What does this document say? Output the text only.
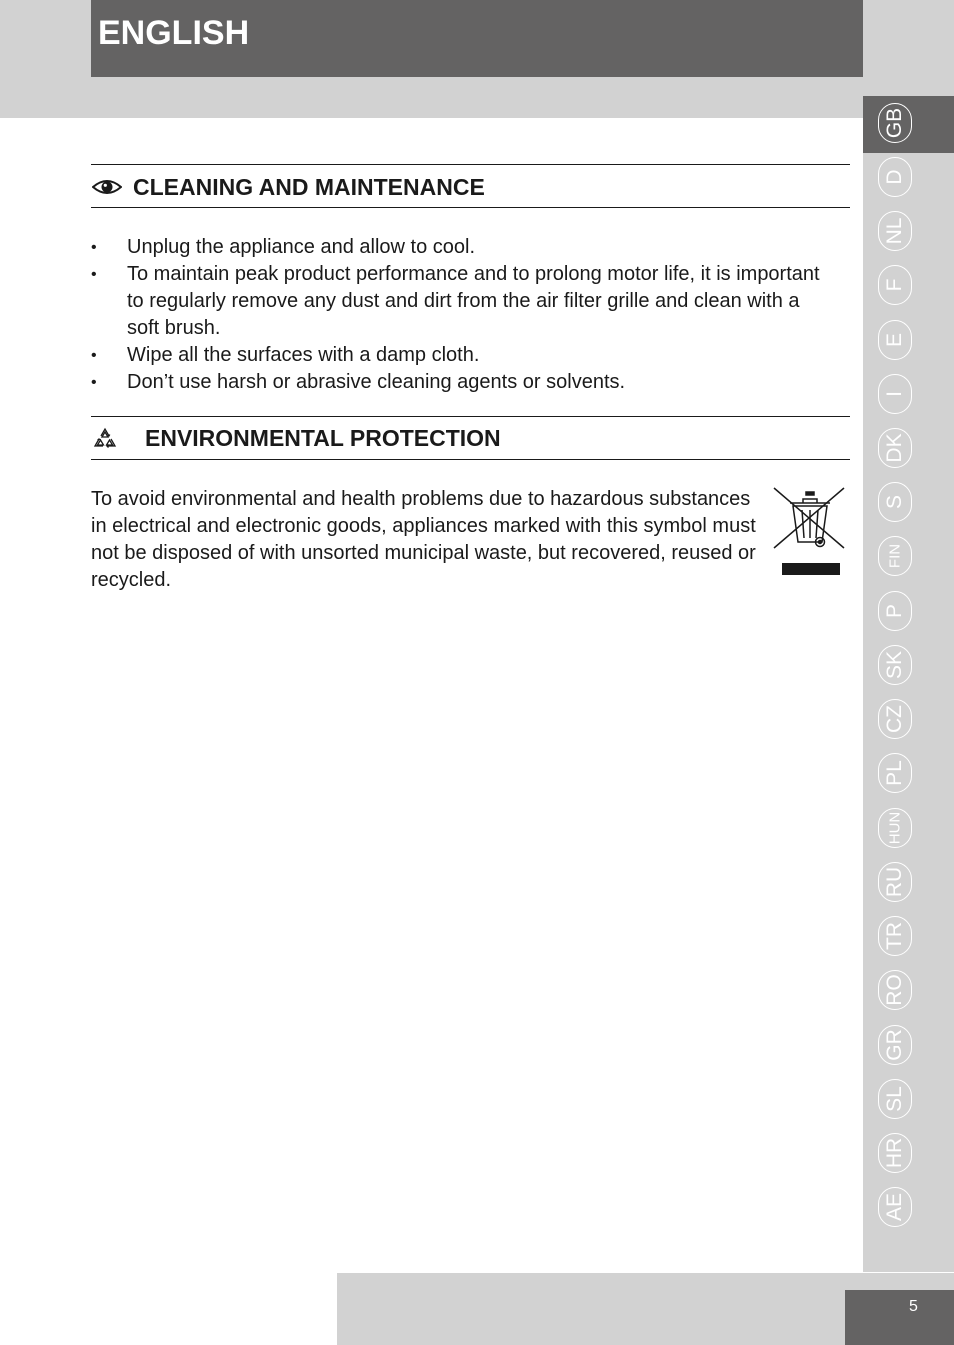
ENGLISH
GB
D
NL
F
E
I
DK
S
FIN
P
SK
CZ
PL
HUN
RU
TR
RO
GR
SL
HR
AE
CLEANING AND MAINTENANCE
• Unplug the appliance and allow to cool.
• To maintain peak product performance and to prolong motor life, it is important to regularly remove any dust and dirt from the air filter grille and clean with a soft brush.
• Wipe all the surfaces with a damp cloth.
• Don’t use harsh or abrasive cleaning agents or solvents.
ENVIRONMENTAL PROTECTION
To avoid environmental and health problems due to hazardous substances in electrical and electronic goods, appliances marked with this symbol must not be disposed of with unsorted municipal waste, but recovered, reused or recycled.
5
